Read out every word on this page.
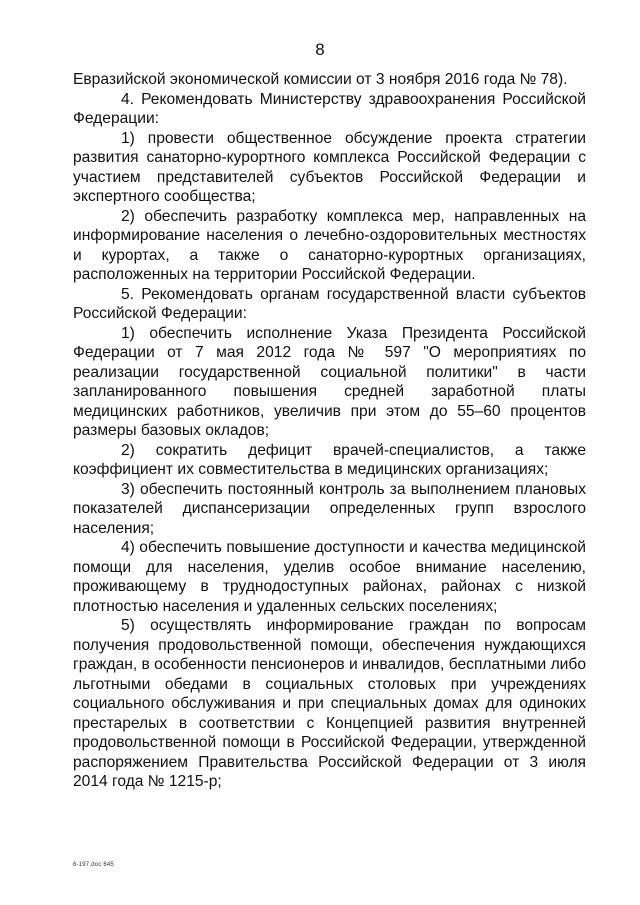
8

Евразийской экономической комиссии от 3 ноября 2016 года № 78).

4. Рекомендовать Министерству здравоохранения Российской Федерации:

1) провести общественное обсуждение проекта стратегии развития санаторно-курортного комплекса Российской Федерации с участием представителей субъектов Российской Федерации и экспертного сообщества;

2) обеспечить разработку комплекса мер, направленных на информирование населения о лечебно-оздоровительных местностях и курортах, а также о санаторно-курортных организациях, расположенных на территории Российской Федерации.

5. Рекомендовать органам государственной власти субъектов Российской Федерации:

1) обеспечить исполнение Указа Президента Российской Федерации от 7 мая 2012 года № 597 "О мероприятиях по реализации государственной социальной политики" в части запланированного повышения средней заработной платы медицинских работников, увеличив при этом до 55–60 процентов размеры базовых окладов;

2) сократить дефицит врачей-специалистов, а также коэффициент их совместительства в медицинских организациях;

3) обеспечить постоянный контроль за выполнением плановых показателей диспансеризации определенных групп взрослого населения;

4) обеспечить повышение доступности и качества медицинской помощи для населения, уделив особое внимание населению, проживающему в труднодоступных районах, районах с низкой плотностью населения и удаленных сельских поселениях;

5) осуществлять информирование граждан по вопросам получения продовольственной помощи, обеспечения нуждающихся граждан, в особенности пенсионеров и инвалидов, бесплатными либо льготными обедами в социальных столовых при учреждениях социального обслуживания и при специальных домах для одиноких престарелых в соответствии с Концепцией развития внутренней продовольственной помощи в Российской Федерации, утвержденной распоряжением Правительства Российской Федерации от 3 июля 2014 года № 1215-р;

6-197.doc 645
